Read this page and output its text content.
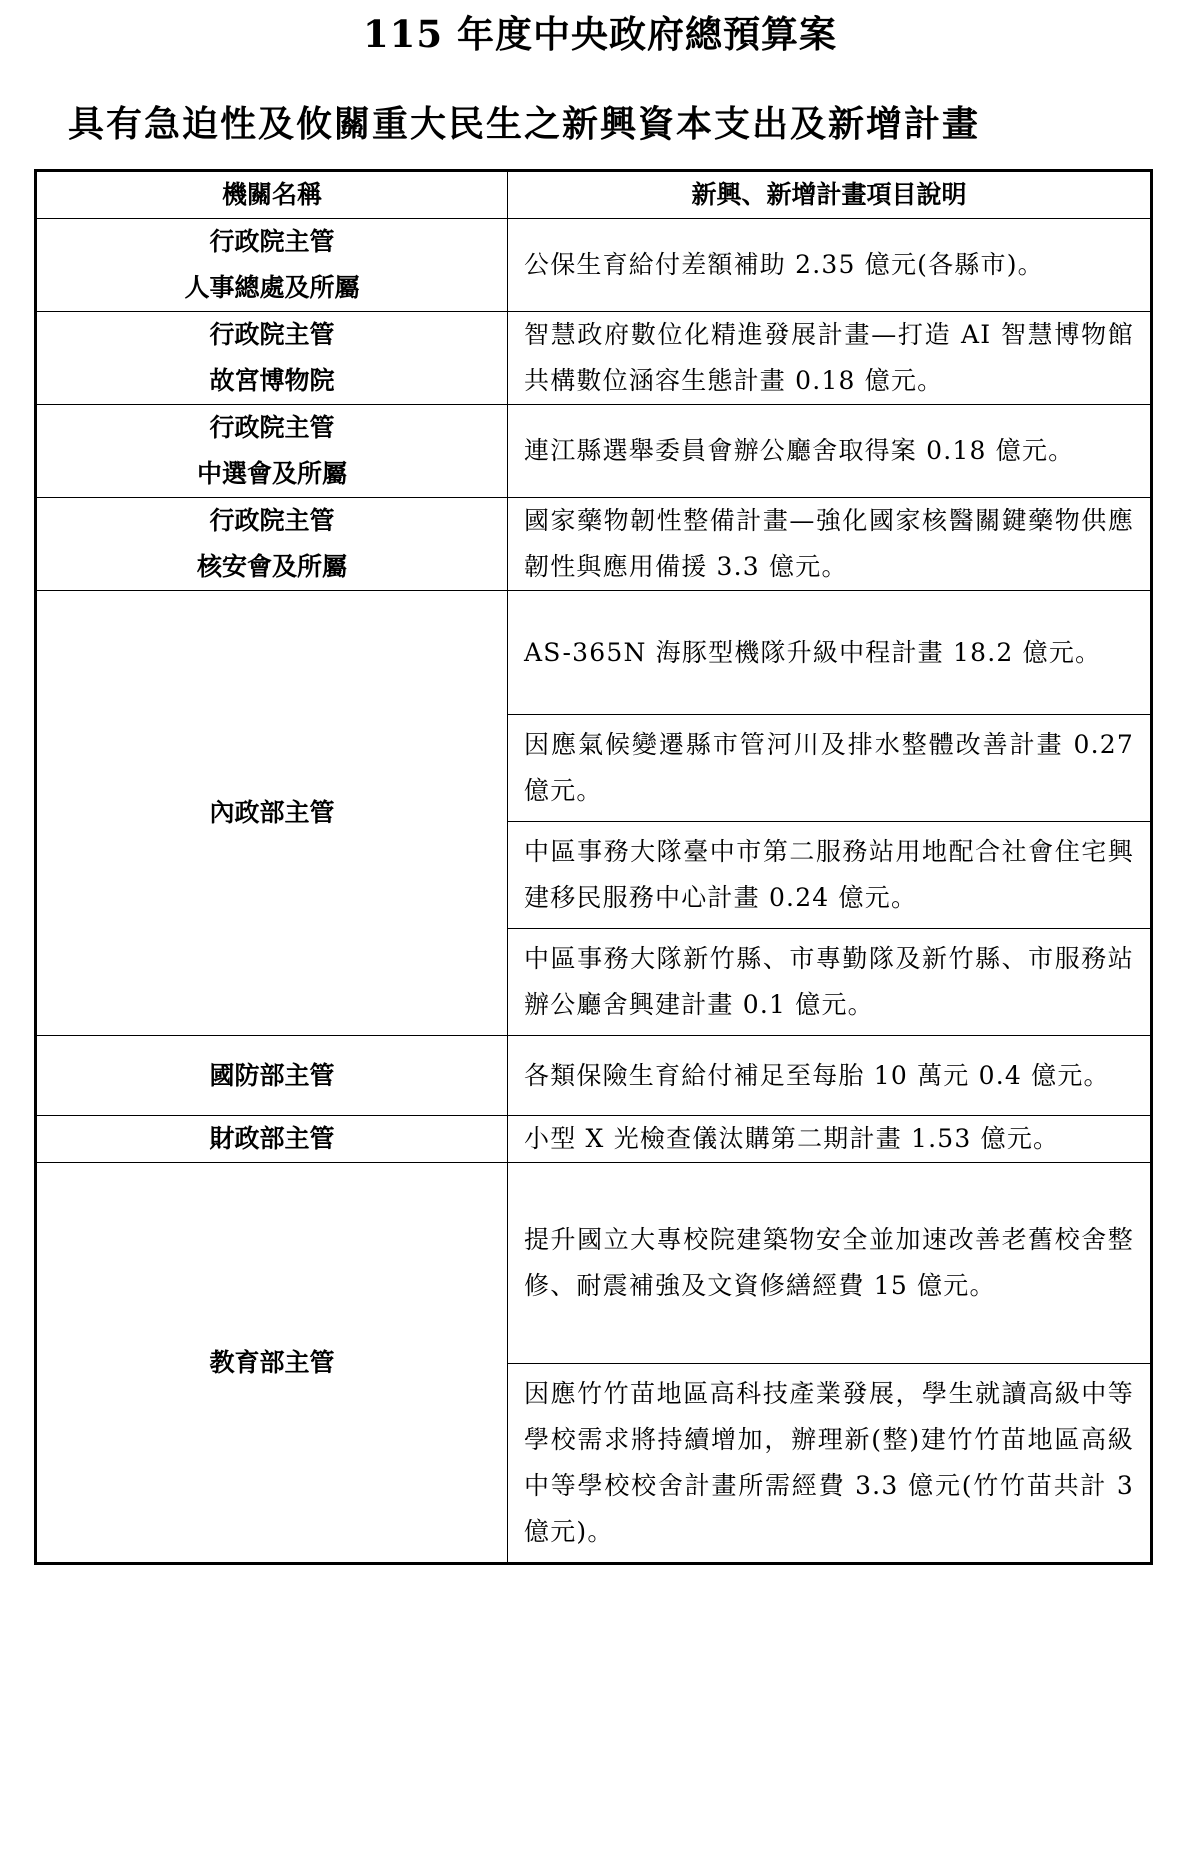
115 年度中央政府總預算案
具有急迫性及攸關重大民生之新興資本支出及新增計畫
機關名稱	新興、新增計畫項目說明

行政院主管
人事總處及所屬	公保生育給付差額補助 2.35 億元(各縣市)。

行政院主管
故宮博物院	智慧政府數位化精進發展計畫—打造 AI 智慧博物館共構數位涵容生態計畫 0.18 億元。

行政院主管
中選會及所屬	連江縣選舉委員會辦公廳舍取得案 0.18 億元。

行政院主管
核安會及所屬	國家藥物韌性整備計畫—強化國家核醫關鍵藥物供應韌性與應用備援 3.3 億元。

內政部主管	AS-365N 海豚型機隊升級中程計畫 18.2 億元。
	因應氣候變遷縣市管河川及排水整體改善計畫 0.27 億元。
	中區事務大隊臺中市第二服務站用地配合社會住宅興建移民服務中心計畫 0.24 億元。
	中區事務大隊新竹縣、市專勤隊及新竹縣、市服務站辦公廳舍興建計畫 0.1 億元。

國防部主管	各類保險生育給付補足至每胎 10 萬元 0.4 億元。

財政部主管	小型 X 光檢查儀汰購第二期計畫 1.53 億元。

教育部主管	提升國立大專校院建築物安全並加速改善老舊校舍整修、耐震補強及文資修繕經費 15 億元。
	因應竹竹苗地區高科技產業發展，學生就讀高級中等學校需求將持續增加，辦理新(整)建竹竹苗地區高級中等學校校舍計畫所需經費 3.3 億元(竹竹苗共計 3 億元)。
